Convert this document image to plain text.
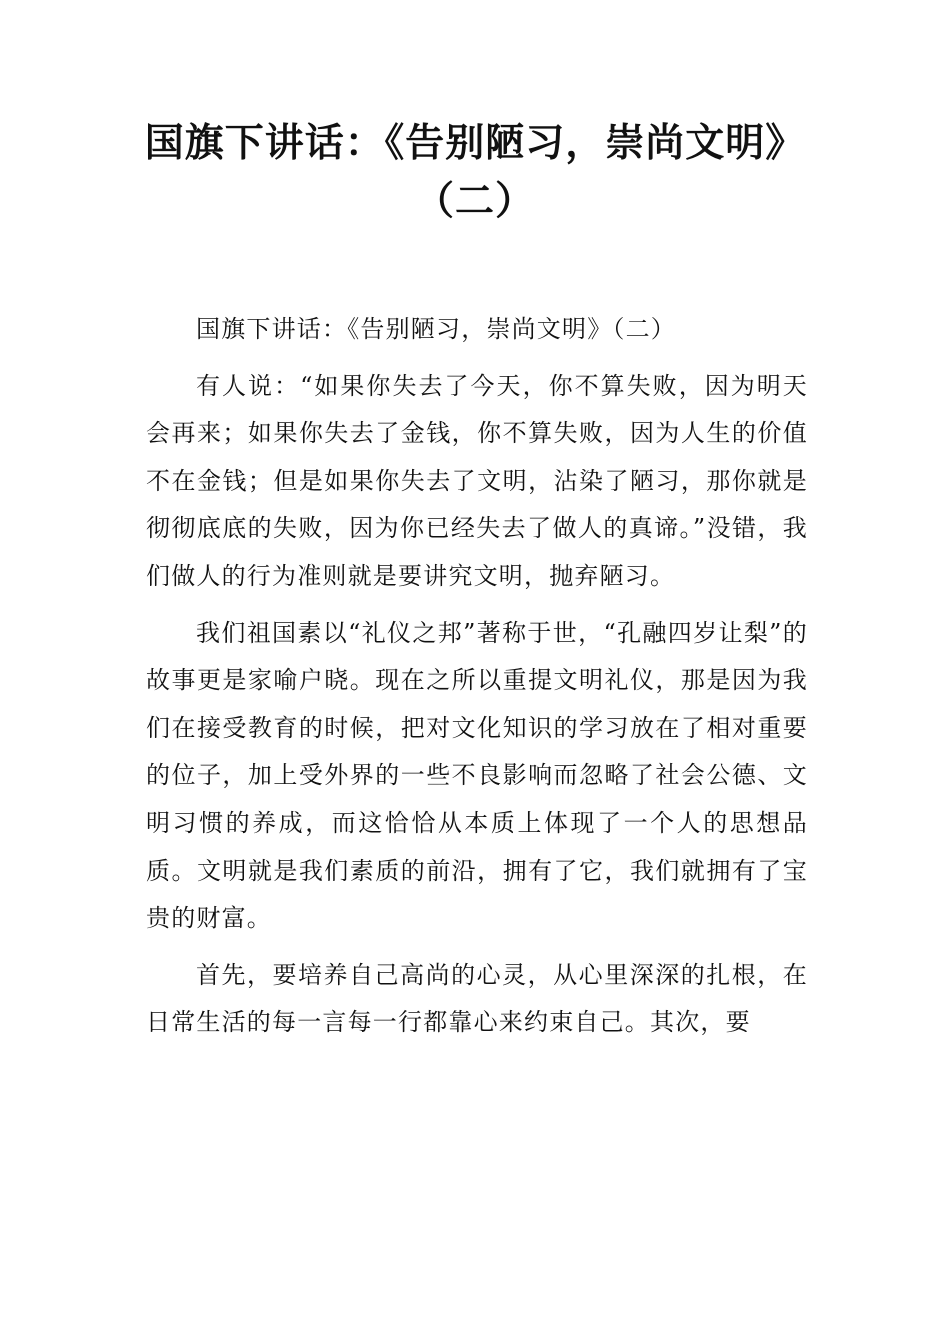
国旗下讲话：《告别陋习，崇尚文明》
（二）

国旗下讲话：《告别陋习，崇尚文明》（二）

有人说：“如果你失去了今天，你不算失败，因为明天会再来；如果你失去了金钱，你不算失败，因为人生的价值不在金钱；但是如果你失去了文明，沾染了陋习，那你就是彻彻底底的失败，因为你已经失去了做人的真谛。”没错，我们做人的行为准则就是要讲究文明，抛弃陋习。

我们祖国素以“礼仪之邦”著称于世，“孔融四岁让梨”的故事更是家喻户晓。现在之所以重提文明礼仪，那是因为我们在接受教育的时候，把对文化知识的学习放在了相对重要的位子，加上受外界的一些不良影响而忽略了社会公德、文明习惯的养成，而这恰恰从本质上体现了一个人的思想品质。文明就是我们素质的前沿，拥有了它，我们就拥有了宝贵的财富。

首先，要培养自己高尚的心灵，从心里深深的扎根，在日常生活的每一言每一行都靠心来约束自己。其次，要
